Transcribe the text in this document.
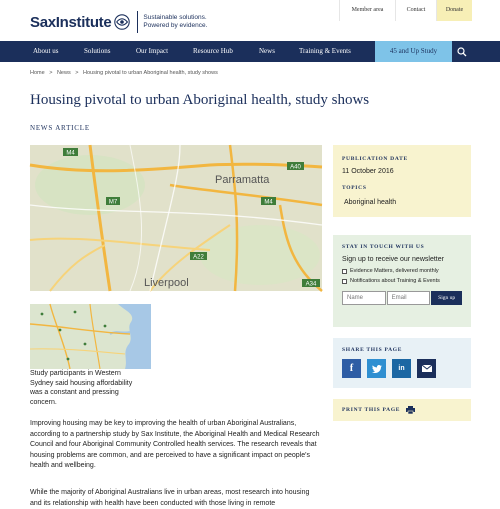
SaxInstitute	Sustainable solutions.
Powered by evidence.
Member area	Contact	Donate
About us	Solutions	Our Impact	Resource Hub	News	Training & Events	45 and Up Study
Home > News > Housing pivotal to urban Aboriginal health, study shows
Housing pivotal to urban Aboriginal health, study shows
NEWS ARTICLE
M4
M7
A40
M4
A22
A34
Parramatta
Liverpool
Study participants in Western Sydney said housing affordability was a constant and pressing concern.
Improving housing may be key to improving the health of urban Aboriginal Australians, according to a partnership study by Sax Institute, the Aboriginal Health and Medical Research Council and four Aboriginal Community Controlled health services. The research reveals that housing problems are common, and are perceived to have a significant impact on people's health and wellbeing.
While the majority of Aboriginal Australians live in urban areas, most research into housing and its relationship with health have been conducted with those living in remote
PUBLICATION DATE
11 October 2016
TOPICS
Aboriginal health
STAY IN TOUCH WITH US
Sign up to receive our newsletter
Evidence Matters, delivered monthly
Notifications about Training & Events
Name	Email	Sign up
SHARE THIS PAGE
f	in
PRINT THIS PAGE
